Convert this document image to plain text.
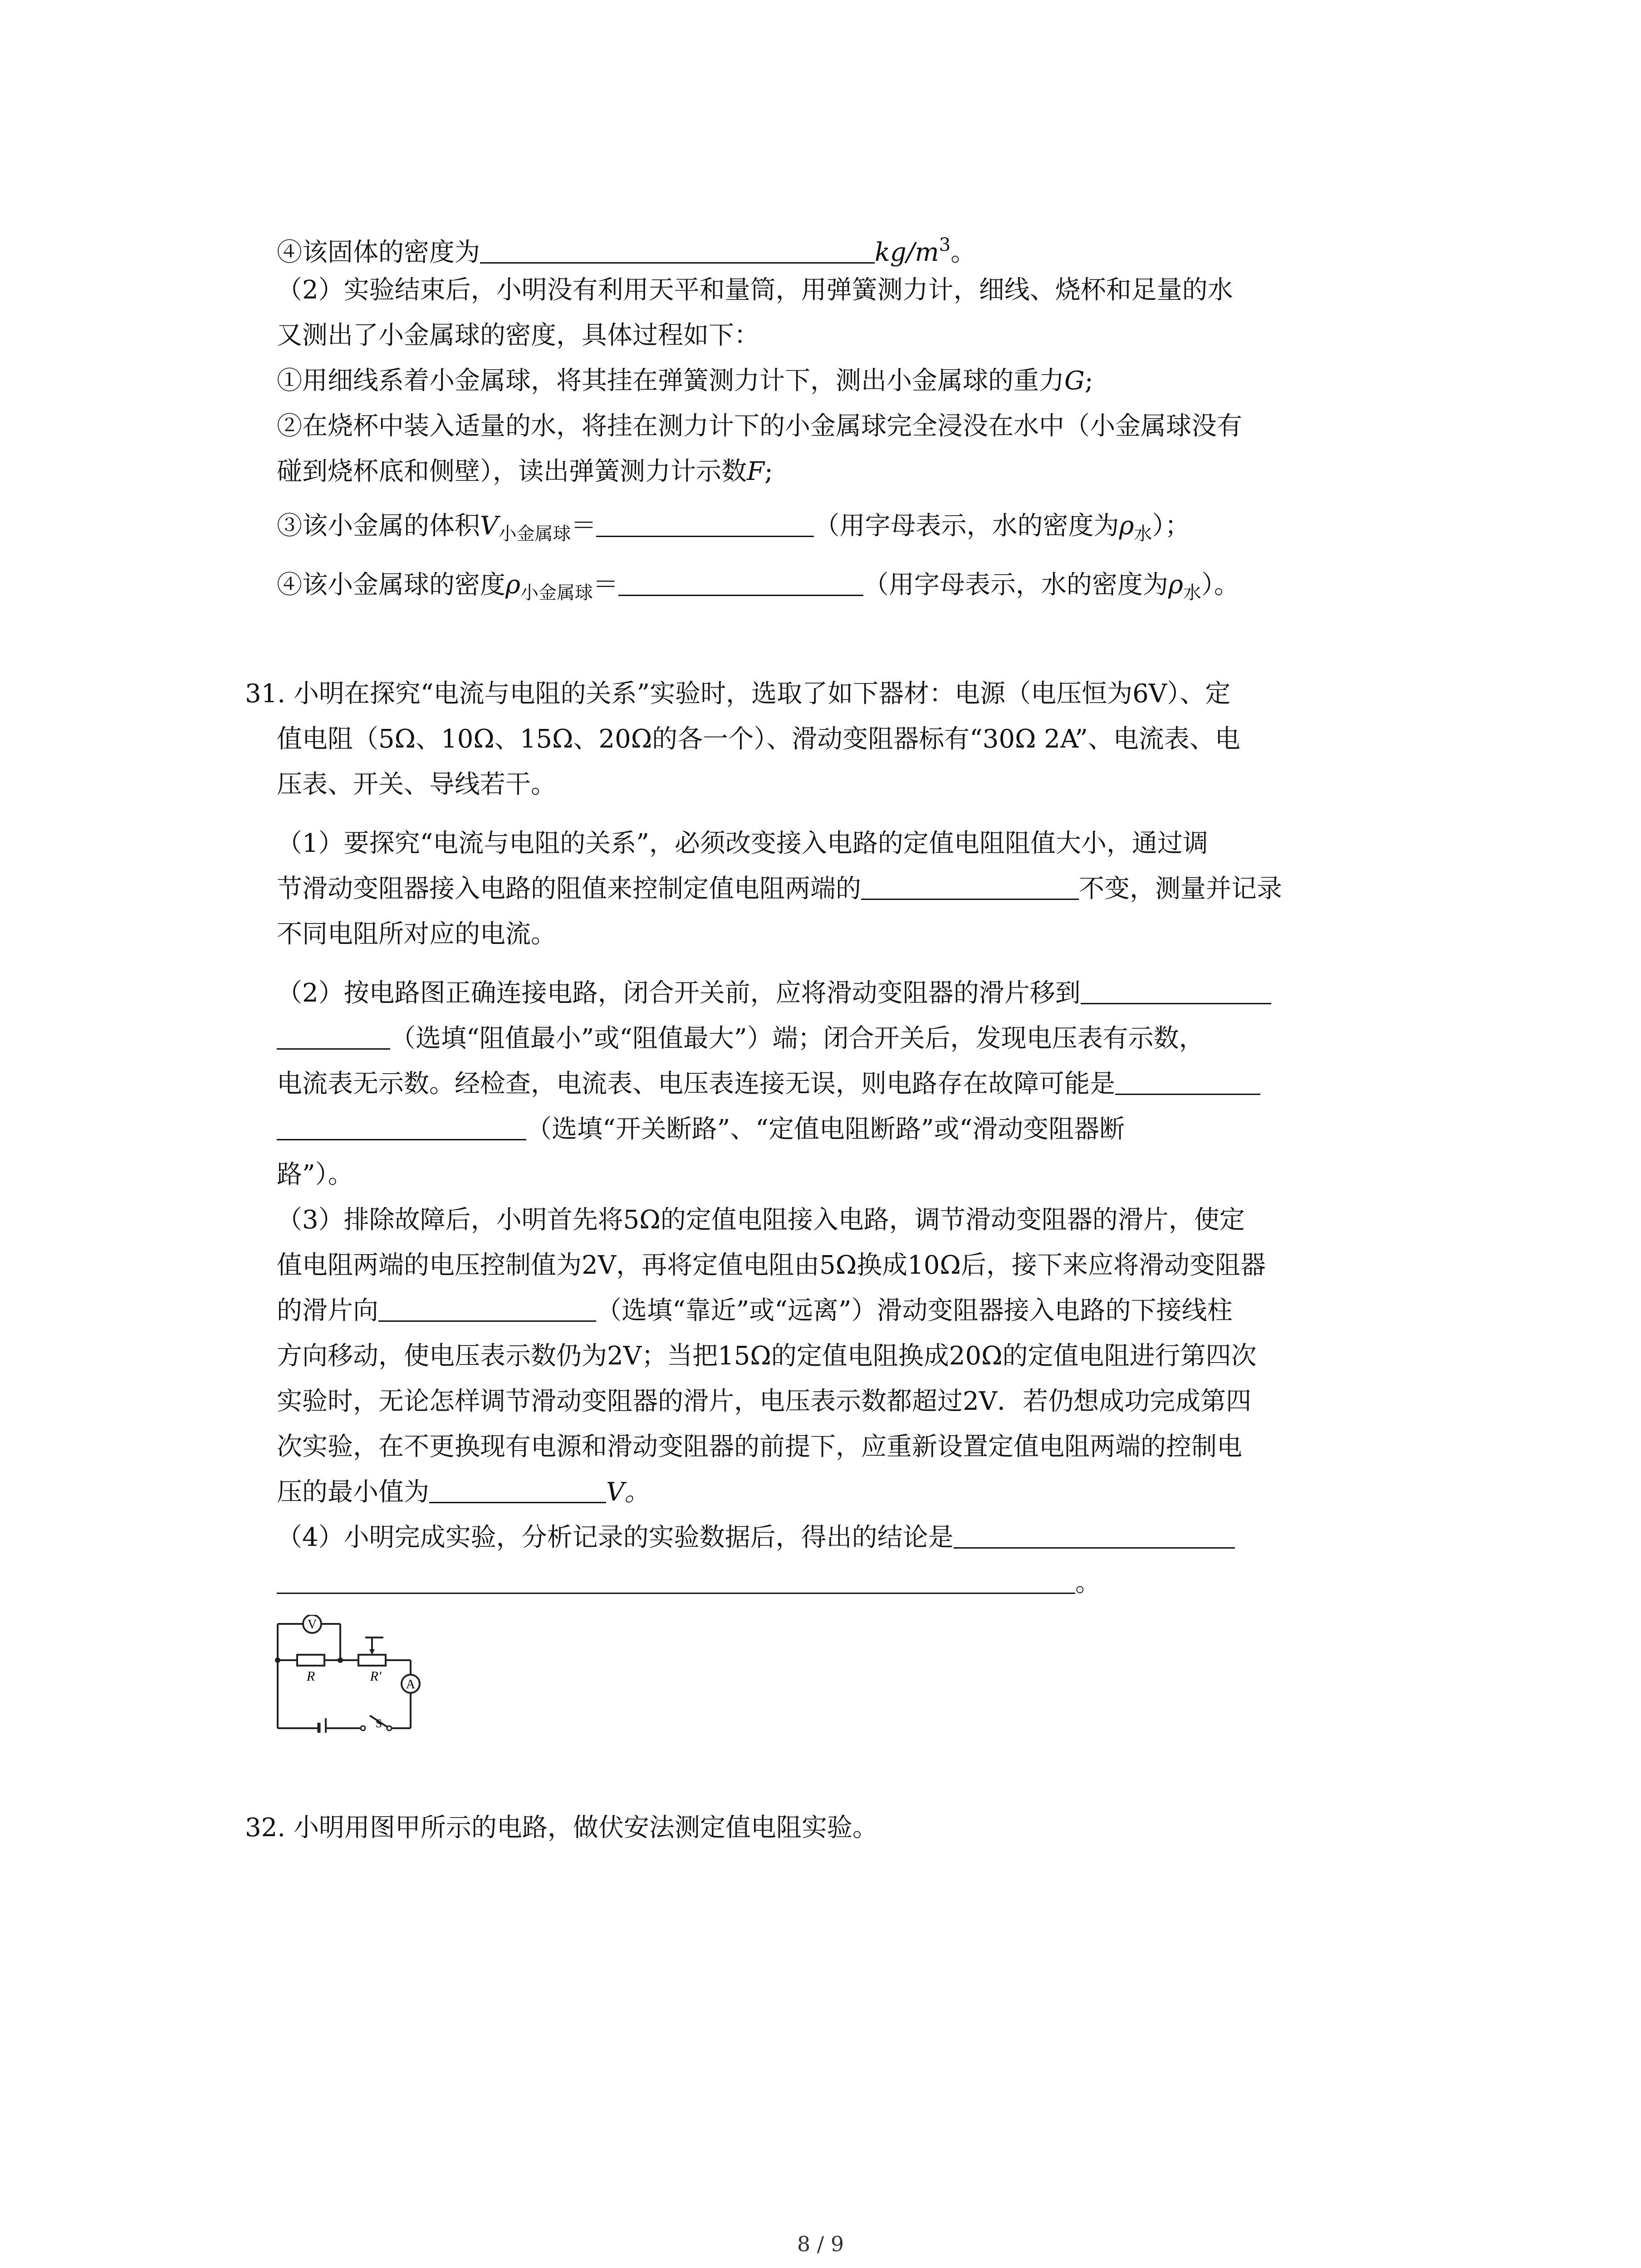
④该固体的密度为	$kg/m^3$。
（2）实验结束后，小明没有利用天平和量筒，用弹簧测力计，细线、烧杯和足量的水
又测出了小金属球的密度，具体过程如下：
①用细线系着小金属球，将其挂在弹簧测力计下，测出小金属球的重力G;
②在烧杯中装入适量的水，将挂在测力计下的小金属球完全浸没在水中（小金属球没有
碰到烧杯底和侧壁），读出弹簧测力计示数F;
③该小金属的体积$V_{小金属球}=$	（用字母表示，水的密度为$\rho_水$）；
④该小金属球的密度$\rho_{小金属球}=$	（用字母表示，水的密度为$\rho_水$）。
31. 小明在探究“电流与电阻的关系”实验时，选取了如下器材：电源（电压恒为6V）、定
值电阻（5Ω、10Ω、15Ω、20Ω的各一个）、滑动变阻器标有“30Ω 2A”、电流表、电
压表、开关、导线若干。
（1）要探究“电流与电阻的关系”，必须改变接入电路的定值电阻阻值大小，通过调
节滑动变阻器接入电路的阻值来控制定值电阻两端的	不变，测量并记录
不同电阻所对应的电流。
（2）按电路图正确连接电路，闭合开关前，应将滑动变阻器的滑片移到
（选填“阻值最小”或“阻值最大”）端；闭合开关后，发现电压表有示数，
电流表无示数。经检查，电流表、电压表连接无误，则电路存在故障可能是
（选填“开关断路”、“定值电阻断路”或“滑动变阻器断
路”）。
（3）排除故障后，小明首先将5Ω的定值电阻接入电路，调节滑动变阻器的滑片，使定
值电阻两端的电压控制值为2V，再将定值电阻由5Ω换成10Ω后，接下来应将滑动变阻器
的滑片向	（选填“靠近”或“远离”）滑动变阻器接入电路的下接线柱
方向移动，使电压表示数仍为2V；当把15Ω的定值电阻换成20Ω的定值电阻进行第四次
实验时，无论怎样调节滑动变阻器的滑片，电压表示数都超过2V．若仍想成功完成第四
次实验，在不更换现有电源和滑动变阻器的前提下，应重新设置定值电阻两端的控制电
压的最小值为	V。
（4）小明完成实验，分析记录的实验数据后，得出的结论是
。
V
A
R	R'
S
32. 小明用图甲所示的电路，做伏安法测定值电阻实验。
8 / 9
